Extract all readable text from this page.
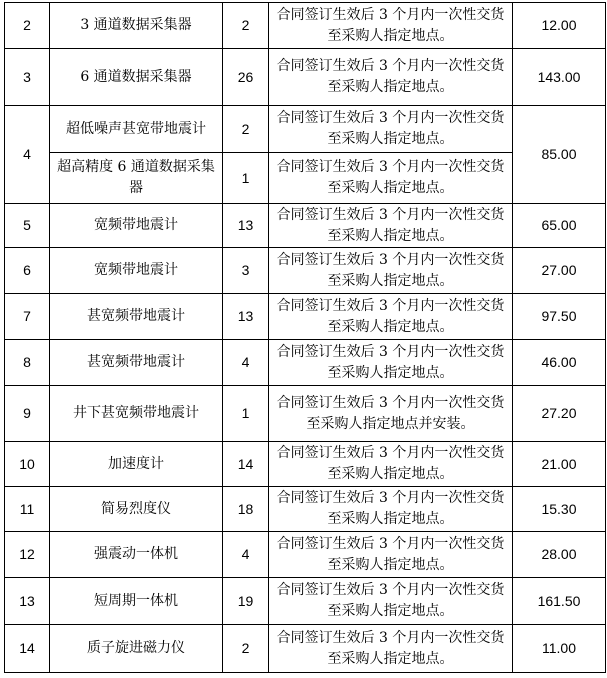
2	3 通道数据采集器	2	合同签订生效后 3 个月内一次性交货至采购人指定地点。	12.00
3	6 通道数据采集器	26	合同签订生效后 3 个月内一次性交货至采购人指定地点。	143.00
4	超低噪声甚宽带地震计	2	合同签订生效后 3 个月内一次性交货至采购人指定地点。	85.00
	超高精度 6 通道数据采集器	1	合同签订生效后 3 个月内一次性交货至采购人指定地点。	
5	宽频带地震计	13	合同签订生效后 3 个月内一次性交货至采购人指定地点。	65.00
6	宽频带地震计	3	合同签订生效后 3 个月内一次性交货至采购人指定地点。	27.00
7	甚宽频带地震计	13	合同签订生效后 3 个月内一次性交货至采购人指定地点。	97.50
8	甚宽频带地震计	4	合同签订生效后 3 个月内一次性交货至采购人指定地点。	46.00
9	井下甚宽频带地震计	1	合同签订生效后 3 个月内一次性交货至采购人指定地点并安装。	27.20
10	加速度计	14	合同签订生效后 3 个月内一次性交货至采购人指定地点。	21.00
11	简易烈度仪	18	合同签订生效后 3 个月内一次性交货至采购人指定地点。	15.30
12	强震动一体机	4	合同签订生效后 3 个月内一次性交货至采购人指定地点。	28.00
13	短周期一体机	19	合同签订生效后 3 个月内一次性交货至采购人指定地点。	161.50
14	质子旋进磁力仪	2	合同签订生效后 3 个月内一次性交货至采购人指定地点。	11.00
